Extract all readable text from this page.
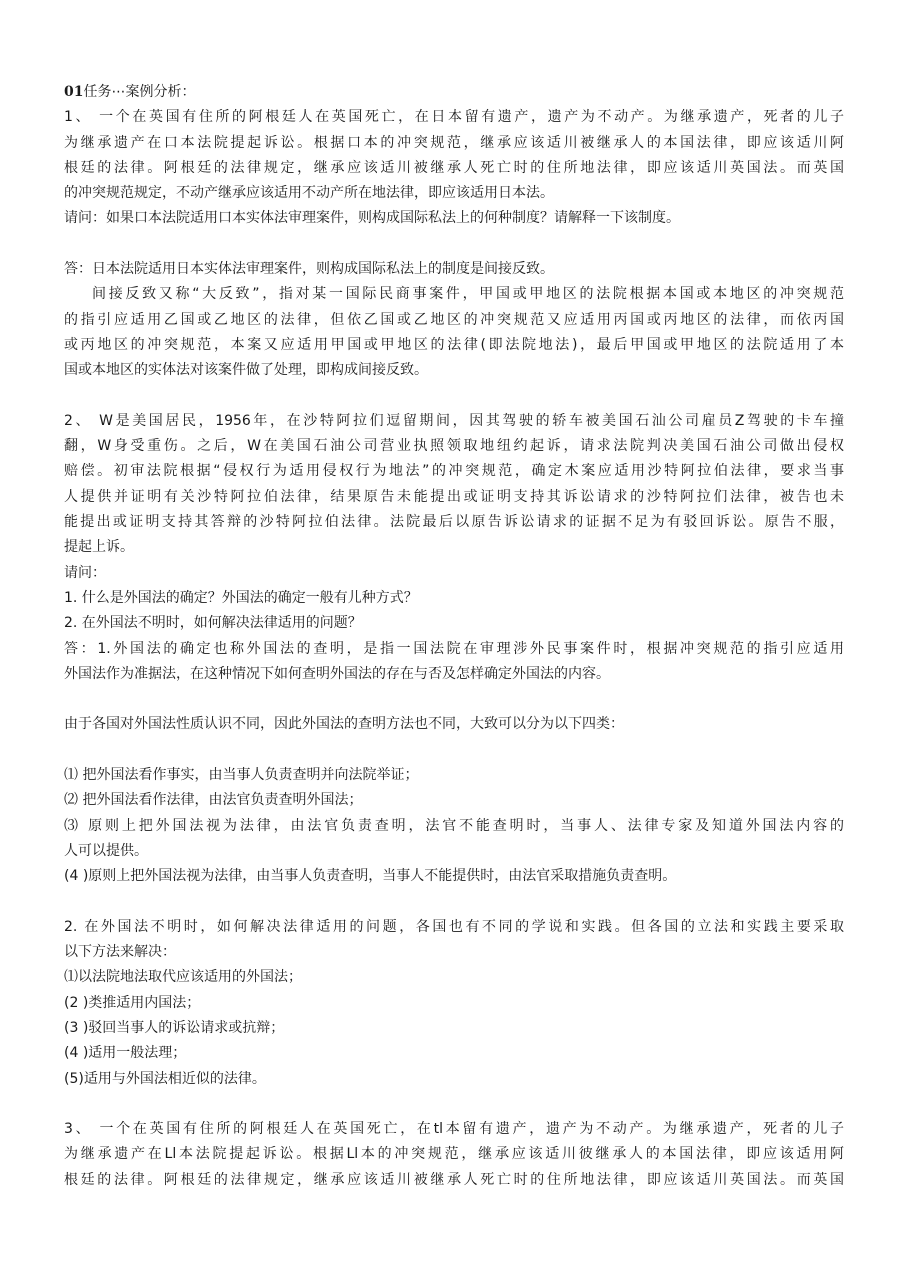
01任务⋯案例分析：
1、 一个在英国有住所的阿根廷人在英国死亡，在日本留有遗产，遗产为不动产。为继承遗产，死者的儿子
为继承遗产在口本法院提起诉讼。根据口本的冲突规范，继承应该适川被继承人的本国法律，即应该适川阿
根廷的法律。阿根廷的法律规定，继承应该适川被继承人死亡时的住所地法律，即应该适川英国法。而英国
的冲突规范规定，不动产继承应该适用不动产所在地法律，即应该适用日本法。
请问：如果口本法院适用口本实体法审理案件，则构成国际私法上的何种制度？请解释一下该制度。
答：日本法院适用日本实体法审理案件，则构成国际私法上的制度是间接反致。
间接反致又称“大反致”，指对某一国际民商事案件，甲国或甲地区的法院根据本国或本地区的冲突规范
的指引应适用乙国或乙地区的法律，但依乙国或乙地区的冲突规范又应适用丙国或丙地区的法律，而依丙国
或丙地区的冲突规范，本案又应适用甲国或甲地区的法律(即法院地法)，最后甲国或甲地区的法院适用了本
国或本地区的实体法对该案件做了处理，即构成间接反致。
2、 W是美国居民，1956年，在沙特阿拉们逗留期间，因其驾驶的轿车被美国石汕公司雇员Z驾驶的卡车撞
翻，W身受重伤。之后，W在美国石油公司营业执照领取地纽约起诉，请求法院判决美国石油公司做出侵权
赔偿。初审法院根据“侵权行为适用侵权行为地法”的冲突规范，确定木案应适用沙特阿拉伯法律，要求当事
人提供并证明有关沙特阿拉伯法律，结果原告未能提出或证明支持其诉讼请求的沙特阿拉们法律，被告也未
能提出或证明支持其答辩的沙特阿拉伯法律。法院最后以原告诉讼请求的证据不足为有驳回诉讼。原告不服，
提起上诉。
请问：
1. 什么是外国法的确定？外国法的确定一般有儿种方式？
2. 在外国法不明时，如何解决法律适用的问题？
答：1.外国法的确定也称外国法的查明，是指一国法院在审理涉外民事案件时，根据冲突规范的指引应适用
外国法作为准据法，在这种情况下如何查明外国法的存在与否及怎样确定外国法的内容。
由于各国对外国法性质认识不同，因此外国法的查明方法也不同，大致可以分为以下四类：
⑴ 把外国法看作事实，由当事人负责查明并向法院举证；
⑵ 把外国法看作法律，由法官负责查明外国法；
⑶ 原则上把外国法视为法律，由法官负责查明，法官不能查明时，当事人、法律专家及知道外国法内容的
人可以提供。
(4 )原则上把外国法视为法律，由当事人负责查明，当事人不能提供时，由法官采取措施负责查明。
2. 在外国法不明时，如何解决法律适用的问题，各国也有不同的学说和实践。但各国的立法和实践主要采取
以下方法来解决：
⑴以法院地法取代应该适用的外国法；
(2 )类推适用内国法；
(3 )驳回当事人的诉讼请求或抗辩；
(4 )适用一般法理；
(5)适用与外国法相近似的法律。
3、 一个在英国有住所的阿根廷人在英国死亡，在tl本留有遗产，遗产为不动产。为继承遗产，死者的儿子
为继承遗产在Ll本法院提起诉讼。根据Ll本的冲突规范，继承应该适川彼继承人的本国法律，即应该适用阿
根廷的法律。阿根廷的法律规定，继承应该适川被继承人死亡时的住所地法律，即应该适川英国法。而英国
